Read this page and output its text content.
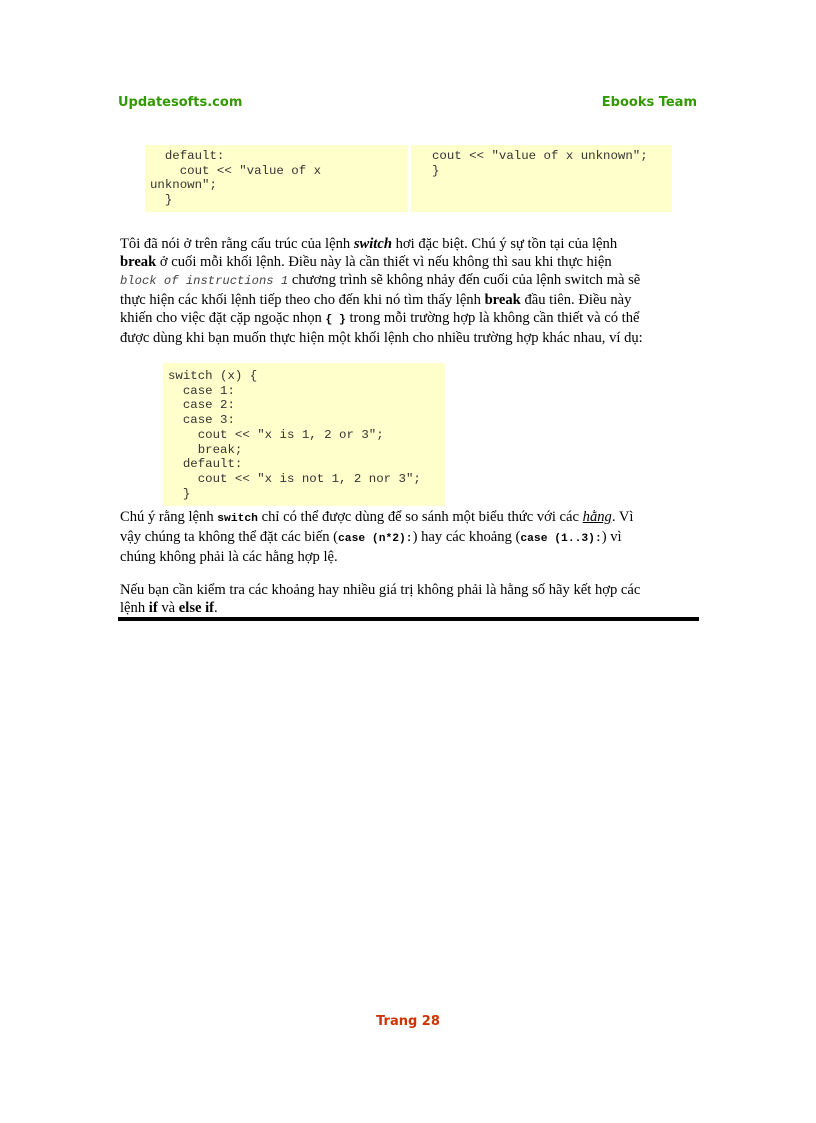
Updatesofts.com	Ebooks Team
default:
cout << "value of x
unknown";
}
cout << "value of x unknown";
}
Tôi đã nói ở trên rằng cấu trúc của lệnh switch hơi đặc biệt. Chú ý sự tồn tại của lệnh
break ở cuối mỗi khối lệnh. Điều này là cần thiết vì nếu không thì sau khi thực hiện
block of instructions 1 chương trình sẽ không nhảy đến cuối của lệnh switch mà sẽ
thực hiện các khối lệnh tiếp theo cho đến khi nó tìm thấy lệnh break đầu tiên. Điều này
khiến cho việc đặt cặp ngoặc nhọn { } trong mỗi trường hợp là không cần thiết và có thể
được dùng khi bạn muốn thực hiện một khối lệnh cho nhiều trường hợp khác nhau, ví dụ:
switch (x) {
case 1:
case 2:
case 3:
cout << "x is 1, 2 or 3";
break;
default:
cout << "x is not 1, 2 nor 3";
}
Chú ý rằng lệnh switch chỉ có thể được dùng để so sánh một biểu thức với các hằng. Vì
vậy chúng ta không thể đặt các biến (case (n*2):) hay các khoảng (case (1..3):) vì
chúng không phải là các hằng hợp lệ.
Nếu bạn cần kiểm tra các khoảng hay nhiều giá trị không phải là hằng số hãy kết hợp các
lệnh if và else if.
Trang 28
